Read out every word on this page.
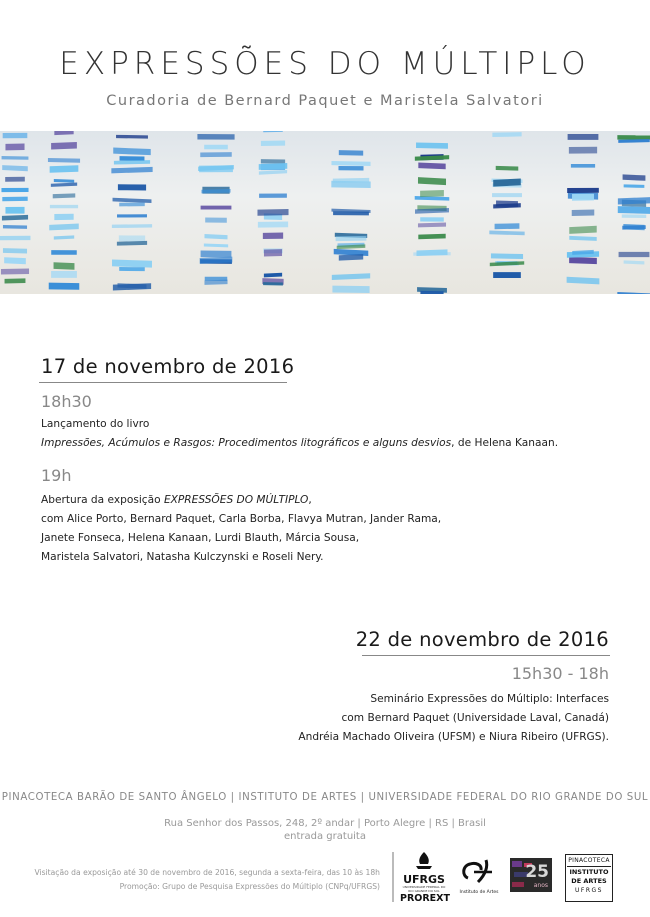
EXPRESSÕES DO MÚLTIPLO
Curadoria de Bernard Paquet e Maristela Salvatori
17 de novembro de 2016
18h30
Lançamento do livro
Impressões, Acúmulos e Rasgos: Procedimentos litográficos e alguns desvios, de Helena Kanaan.
19h
Abertura da exposição EXPRESSÕES DO MÚLTIPLO,
com Alice Porto, Bernard Paquet, Carla Borba, Flavya Mutran, Jander Rama,
Janete Fonseca, Helena Kanaan, Lurdi Blauth, Márcia Sousa,
Maristela Salvatori, Natasha Kulczynski e Roseli Nery.
22 de novembro de 2016
15h30 - 18h
Seminário Expressões do Múltiplo: Interfaces
com Bernard Paquet (Universidade Laval, Canadá)
Andréia Machado Oliveira (UFSM) e Niura Ribeiro (UFRGS).
PINACOTECA BARÃO DE SANTO ÂNGELO | INSTITUTO DE ARTES | UNIVERSIDADE FEDERAL DO RIO GRANDE DO SUL
Rua Senhor dos Passos, 248, 2º andar | Porto Alegre | RS | Brasil
entrada gratuita
Visitação da exposição até 30 de novembro de 2016, segunda a sexta-feira, das 10 às 18h
Promoção: Grupo de Pesquisa Expressões do Múltiplo (CNPq/UFRGS)
UFRGS
UNIVERSIDADE FEDERAL DO RIO GRANDE DO SUL
PROREXT
Instituto de Artes
25
anos
PINACOTECA
INSTITUTO
DE ARTES
UFRGS
